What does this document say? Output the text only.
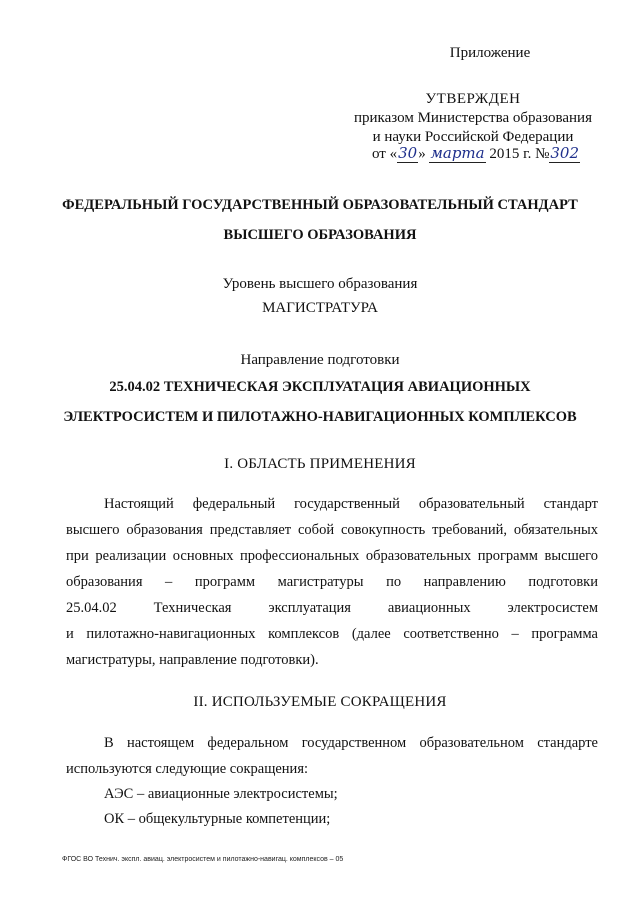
Приложение
УТВЕРЖДЕН
приказом Министерства образования
и науки Российской Федерации
от «30» марта 2015 г. №302
ФЕДЕРАЛЬНЫЙ ГОСУДАРСТВЕННЫЙ ОБРАЗОВАТЕЛЬНЫЙ СТАНДАРТ
ВЫСШЕГО ОБРАЗОВАНИЯ
Уровень высшего образования
МАГИСТРАТУРА
Направление подготовки
25.04.02 ТЕХНИЧЕСКАЯ ЭКСПЛУАТАЦИЯ АВИАЦИОННЫХ
ЭЛЕКТРОСИСТЕМ И ПИЛОТАЖНО-НАВИГАЦИОННЫХ КОМПЛЕКСОВ
I. ОБЛАСТЬ ПРИМЕНЕНИЯ
Настоящий федеральный государственный образовательный стандарт
высшего образования представляет собой совокупность требований, обязательных
при реализации основных профессиональных образовательных программ высшего
образования – программ магистратуры по направлению подготовки
25.04.02 Техническая эксплуатация авиационных электросистем
и пилотажно-навигационных комплексов (далее соответственно – программа
магистратуры, направление подготовки).
II. ИСПОЛЬЗУЕМЫЕ СОКРАЩЕНИЯ
В настоящем федеральном государственном образовательном стандарте
используются следующие сокращения:
АЭС – авиационные электросистемы;
ОК – общекультурные компетенции;
ФГОС ВО Технич. экспл. авиац. электросистем и пилотажно-навигац. комплексов – 05
